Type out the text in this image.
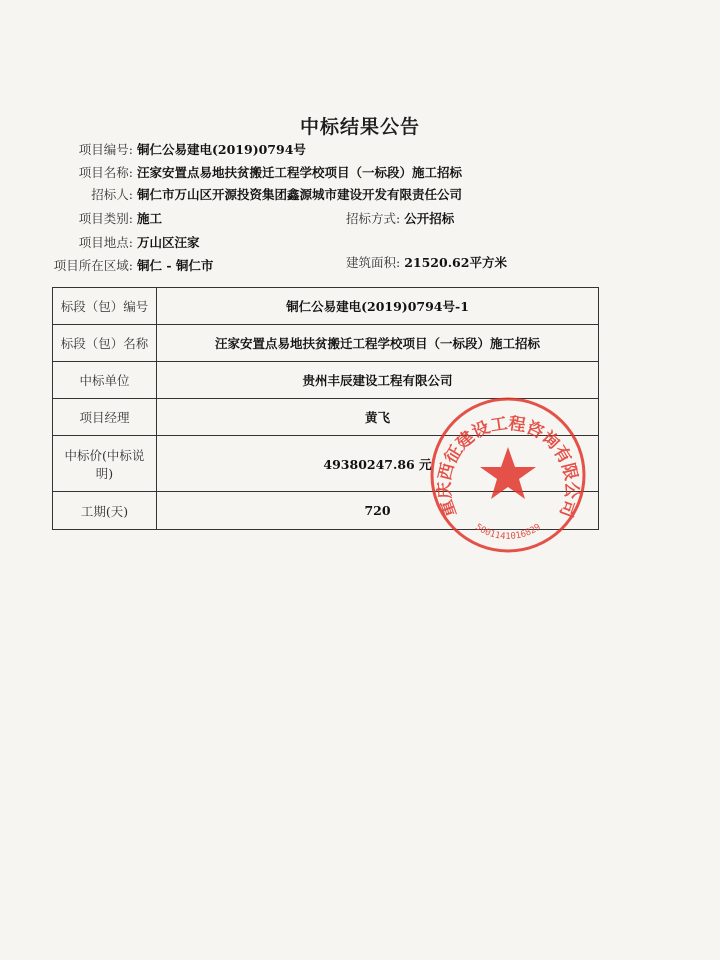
中标结果公告
项目编号: 铜仁公易建电(2019)0794号
项目名称: 汪家安置点易地扶贫搬迁工程学校项目（一标段）施工招标
招标人: 铜仁市万山区开源投资集团鑫源城市建设开发有限责任公司
项目类别: 施工	招标方式: 公开招标
项目地点: 万山区汪家
项目所在区域: 铜仁 - 铜仁市	建筑面积: 21520.62平方米
标段（包）编号	铜仁公易建电(2019)0794号-1
标段（包）名称	汪家安置点易地扶贫搬迁工程学校项目（一标段）施工招标
中标单位	贵州丰辰建设工程有限公司
项目经理	黄飞
中标价(中标说明)	49380247.86 元
工期(天)	720	重庆西征建设工程咨询有限公司
5001141016829
